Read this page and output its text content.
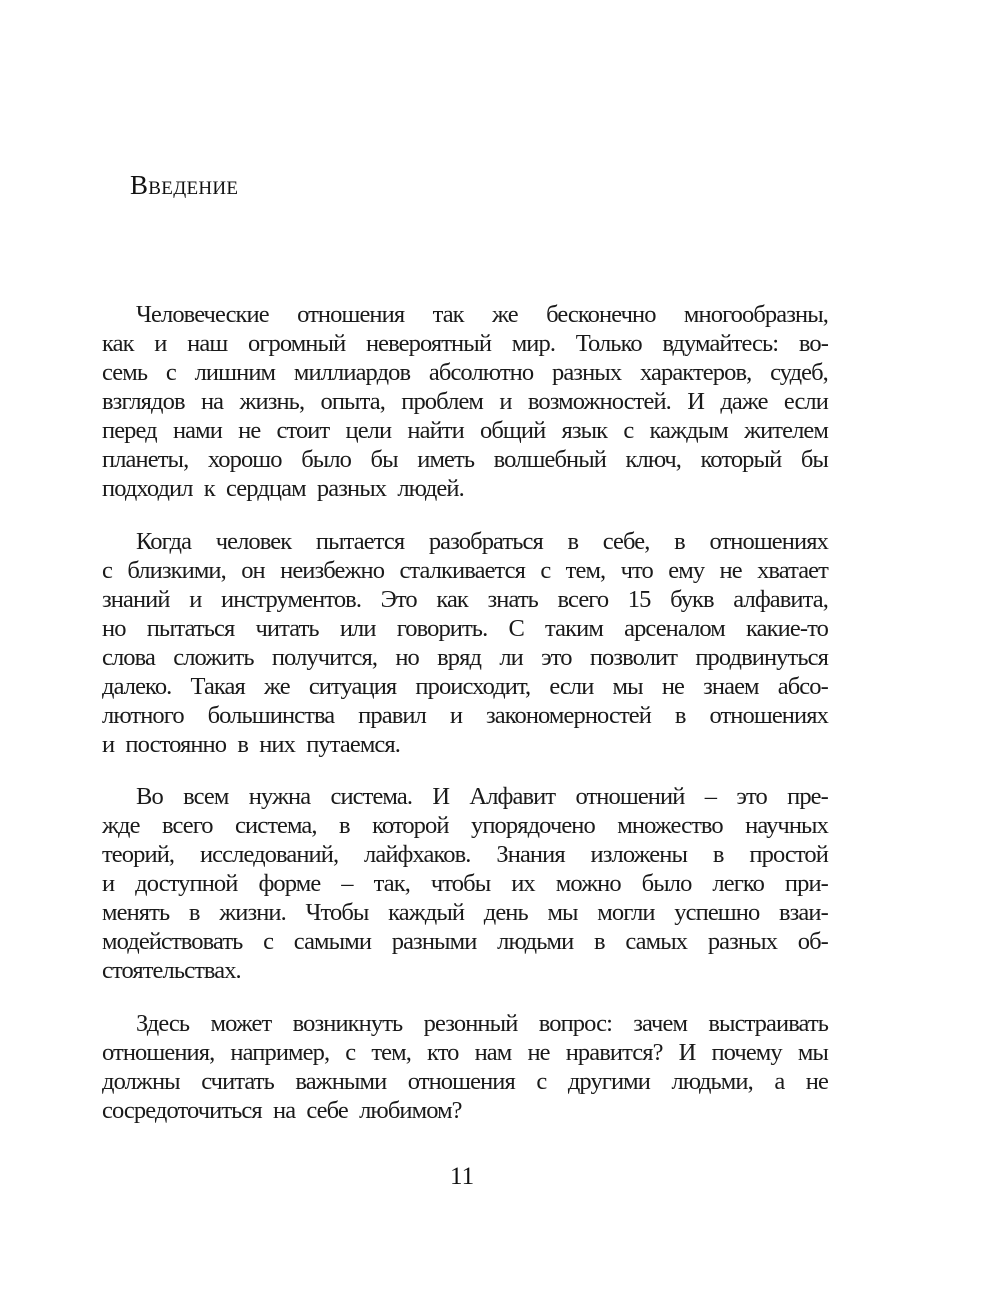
Введение
Человеческие отношения так же бесконечно многообразны,
как и наш огромный невероятный мир. Только вдумайтесь: во-
семь с лишним миллиардов абсолютно разных характеров, судеб,
взглядов на жизнь, опыта, проблем и возможностей. И даже если
перед нами не стоит цели найти общий язык с каждым жителем
планеты, хорошо было бы иметь волшебный ключ, который бы
подходил к сердцам разных людей.
Когда человек пытается разобраться в себе, в отношениях
с близкими, он неизбежно сталкивается с тем, что ему не хватает
знаний и инструментов. Это как знать всего 15 букв алфавита,
но пытаться читать или говорить. С таким арсеналом какие-то
слова сложить получится, но вряд ли это позволит продвинуться
далеко. Такая же ситуация происходит, если мы не знаем абсо-
лютного большинства правил и закономерностей в отношениях
и постоянно в них путаемся.
Во всем нужна система. И Алфавит отношений – это пре-
жде всего система, в которой упорядочено множество научных
теорий, исследований, лайфхаков. Знания изложены в простой
и доступной форме – так, чтобы их можно было легко при-
менять в жизни. Чтобы каждый день мы могли успешно взаи-
модействовать с самыми разными людьми в самых разных об-
стоятельствах.
Здесь может возникнуть резонный вопрос: зачем выстраивать
отношения, например, с тем, кто нам не нравится? И почему мы
должны считать важными отношения с другими людьми, а не
сосредоточиться на себе любимом?
11
